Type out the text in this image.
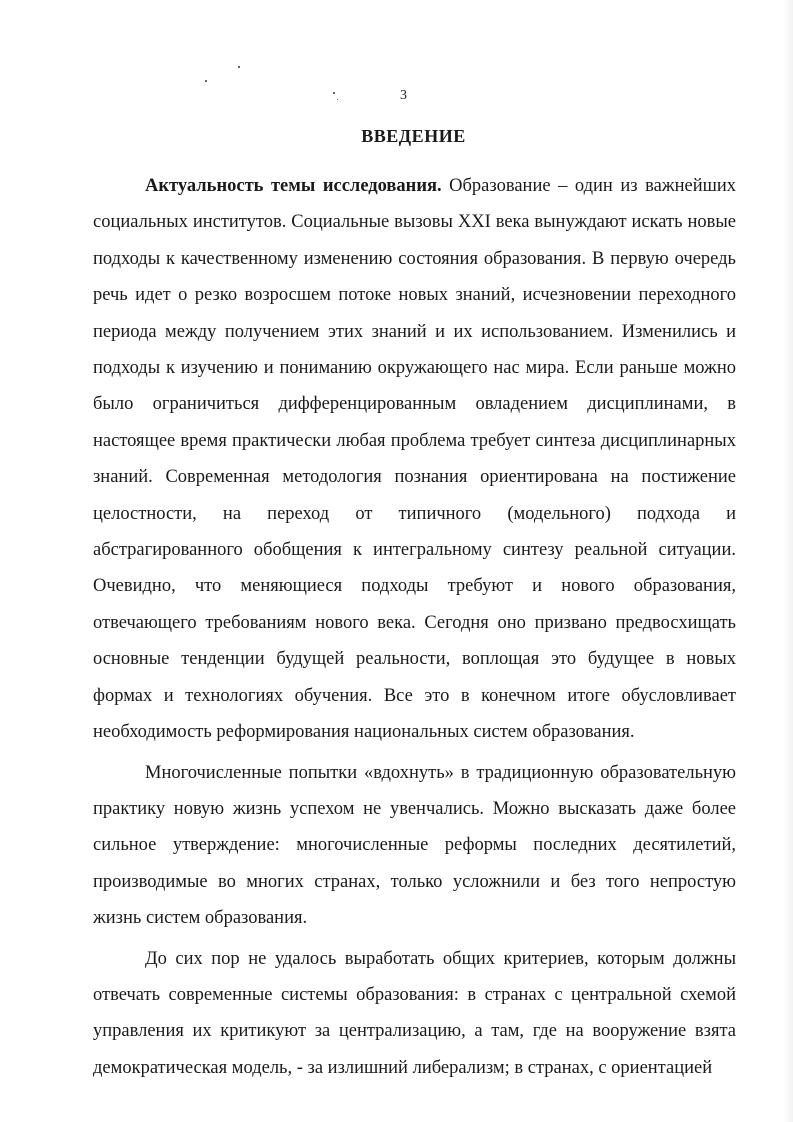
3
ВВЕДЕНИЕ

Актуальность темы исследования. Образование – один из важнейших социальных институтов. Социальные вызовы XXI века вынуждают искать новые подходы к качественному изменению состояния образования. В первую очередь речь идет о резко возросшем потоке новых знаний, исчезновении переходного периода между получением этих знаний и их использованием. Изменились и подходы к изучению и пониманию окружающего нас мира. Если раньше можно было ограничиться дифференцированным овладением дисциплинами, в настоящее время практически любая проблема требует синтеза дисциплинарных знаний. Современная методология познания ориентирована на постижение целостности, на переход от типичного (модельного) подхода и абстрагированного обобщения к интегральному синтезу реальной ситуации. Очевидно, что меняющиеся подходы требуют и нового образования, отвечающего требованиям нового века. Сегодня оно призвано предвосхищать основные тенденции будущей реальности, воплощая это будущее в новых формах и технологиях обучения. Все это в конечном итоге обусловливает необходимость реформирования национальных систем образования.

Многочисленные попытки «вдохнуть» в традиционную образовательную практику новую жизнь успехом не увенчались. Можно высказать даже более сильное утверждение: многочисленные реформы последних десятилетий, производимые во многих странах, только усложнили и без того непростую жизнь систем образования.

До сих пор не удалось выработать общих критериев, которым должны отвечать современные системы образования: в странах с центральной схемой управления их критикуют за централизацию, а там, где на вооружение взята демократическая модель, - за излишний либерализм; в странах, с ориентацией
